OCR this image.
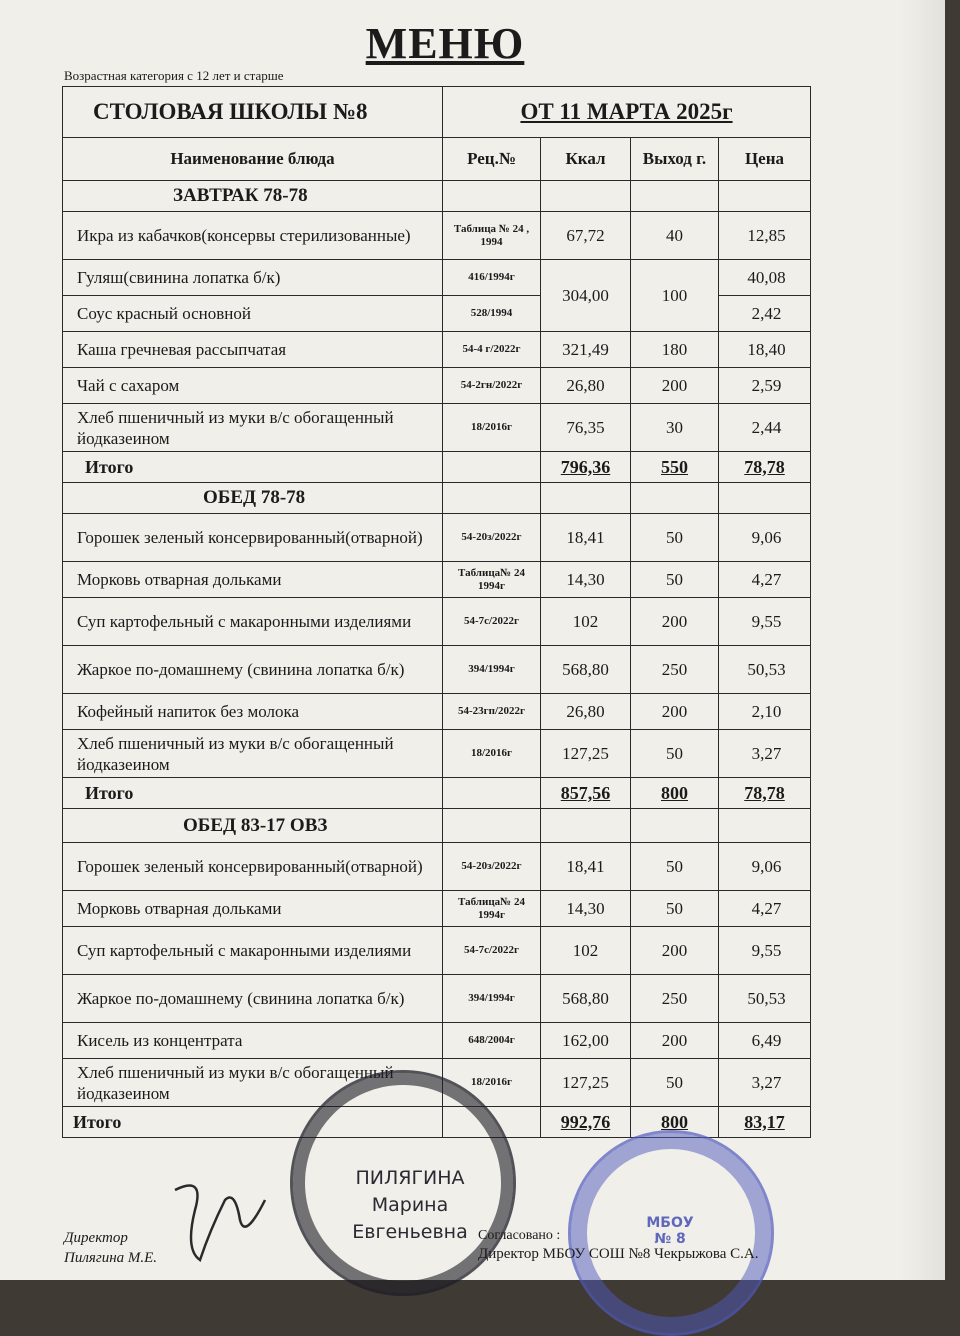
МЕНЮ
Возрастная категория с 12 лет и старше
СТОЛОВАЯ ШКОЛЫ №8	ОТ 11 МАРТА 2025г			
Наименование блюда	Рец.№	Ккал	Выход г.	Цена
ЗАВТРАК 78-78				
Икра из кабачков(консервы стерилизованные)	Таблица № 24 , 1994	67,72	40	12,85
Гуляш(свинина лопатка б/к)	416/1994г	304,00	100	40,08
Соус красный основной	528/1994			2,42
Каша гречневая рассыпчатая	54-4 г/2022г	321,49	180	18,40
Чай с сахаром	54-2гн/2022г	26,80	200	2,59
Хлеб пшеничный из муки в/с обогащенный йодказеином	18/2016г	76,35	30	2,44
Итого		796,36	550	78,78
ОБЕД 78-78				
Горошек зеленый консервированный(отварной)	54-20з/2022г	18,41	50	9,06
Морковь отварная дольками	Таблица№ 24 1994г	14,30	50	4,27
Суп картофельный с макаронными изделиями	54-7с/2022г	102	200	9,55
Жаркое по-домашнему (свинина лопатка б/к)	394/1994г	568,80	250	50,53
Кофейный напиток без молока	54-23гп/2022г	26,80	200	2,10
Хлеб пшеничный из муки в/с обогащенный йодказеином	18/2016г	127,25	50	3,27
Итого		857,56	800	78,78
ОБЕД 83-17 ОВЗ				
Горошек зеленый консервированный(отварной)	54-20з/2022г	18,41	50	9,06
Морковь отварная дольками	Таблица№ 24 1994г	14,30	50	4,27
Суп картофельный с макаронными изделиями	54-7с/2022г	102	200	9,55
Жаркое по-домашнему (свинина лопатка б/к)	394/1994г	568,80	250	50,53
Кисель из концентрата	648/2004г	162,00	200	6,49
Хлеб пшеничный из муки в/с обогащенный йодказеином	18/2016г	127,25	50	3,27
Итого		992,76	800	83,17
ПИЛЯГИНА
Марина
Евгеньевна	МБОУ
№ 8
Директор
Пилягина М.Е.
Согласовано :
Директор МБОУ СОШ №8 Чекрыжова С.А.
